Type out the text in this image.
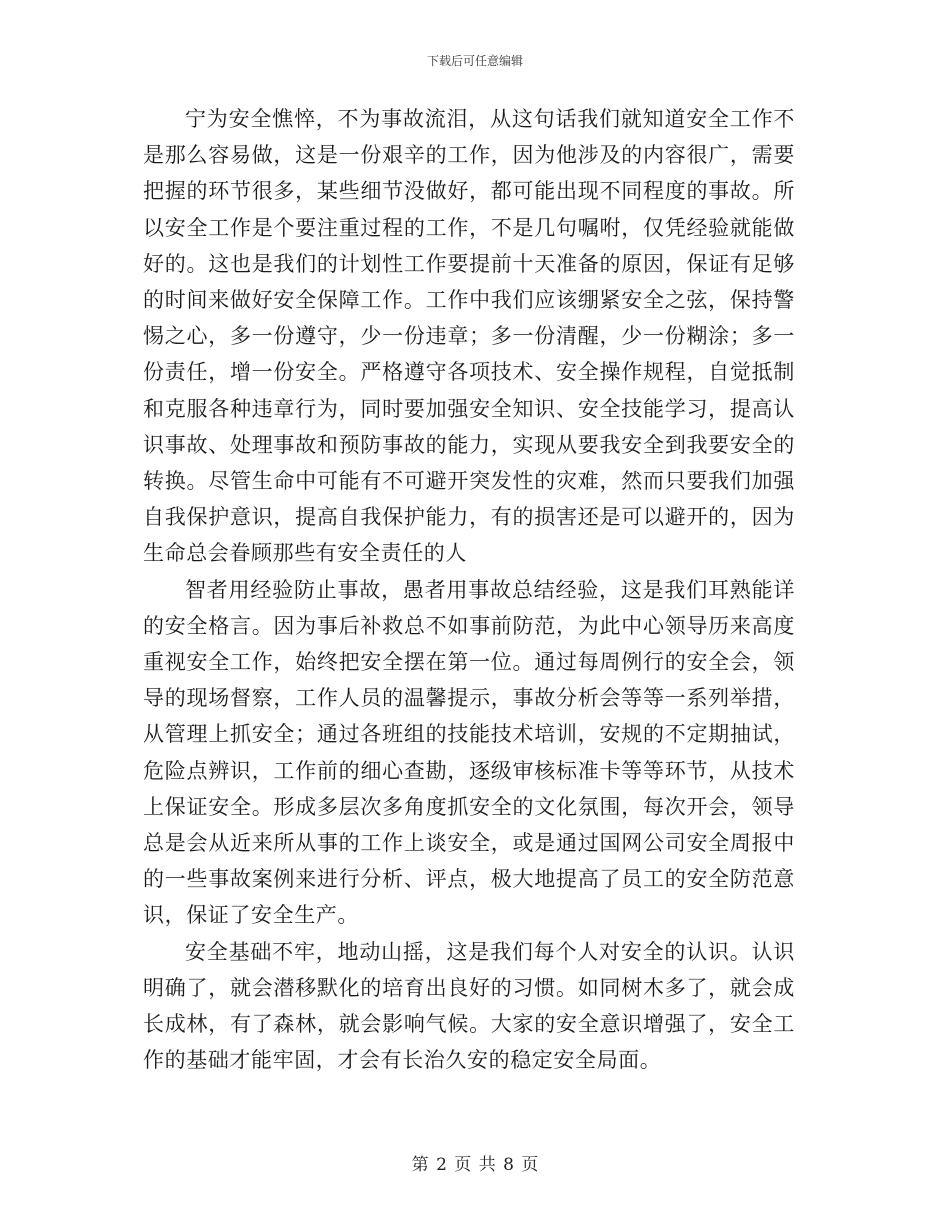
下载后可任意编辑

宁为安全憔悴，不为事故流泪，从这句话我们就知道安全工作不是那么容易做，这是一份艰辛的工作，因为他涉及的内容很广，需要把握的环节很多，某些细节没做好，都可能出现不同程度的事故。所以安全工作是个要注重过程的工作，不是几句嘱咐，仅凭经验就能做好的。这也是我们的计划性工作要提前十天准备的原因，保证有足够的时间来做好安全保障工作。工作中我们应该绷紧安全之弦，保持警惕之心，多一份遵守，少一份违章；多一份清醒，少一份糊涂；多一份责任，增一份安全。严格遵守各项技术、安全操作规程，自觉抵制和克服各种违章行为，同时要加强安全知识、安全技能学习，提高认识事故、处理事故和预防事故的能力，实现从要我安全到我要安全的转换。尽管生命中可能有不可避开突发性的灾难，然而只要我们加强自我保护意识，提高自我保护能力，有的损害还是可以避开的，因为生命总会眷顾那些有安全责任的人

智者用经验防止事故，愚者用事故总结经验，这是我们耳熟能详的安全格言。因为事后补救总不如事前防范，为此中心领导历来高度重视安全工作，始终把安全摆在第一位。通过每周例行的安全会，领导的现场督察，工作人员的温馨提示，事故分析会等等一系列举措，从管理上抓安全；通过各班组的技能技术培训，安规的不定期抽试，危险点辨识，工作前的细心查勘，逐级审核标准卡等等环节，从技术上保证安全。形成多层次多角度抓安全的文化氛围，每次开会，领导总是会从近来所从事的工作上谈安全，或是通过国网公司安全周报中的一些事故案例来进行分析、评点，极大地提高了员工的安全防范意识，保证了安全生产。

安全基础不牢，地动山摇，这是我们每个人对安全的认识。认识明确了，就会潜移默化的培育出良好的习惯。如同树木多了，就会成长成林，有了森林，就会影响气候。大家的安全意识增强了，安全工作的基础才能牢固，才会有长治久安的稳定安全局面。

第 2 页 共 8 页
